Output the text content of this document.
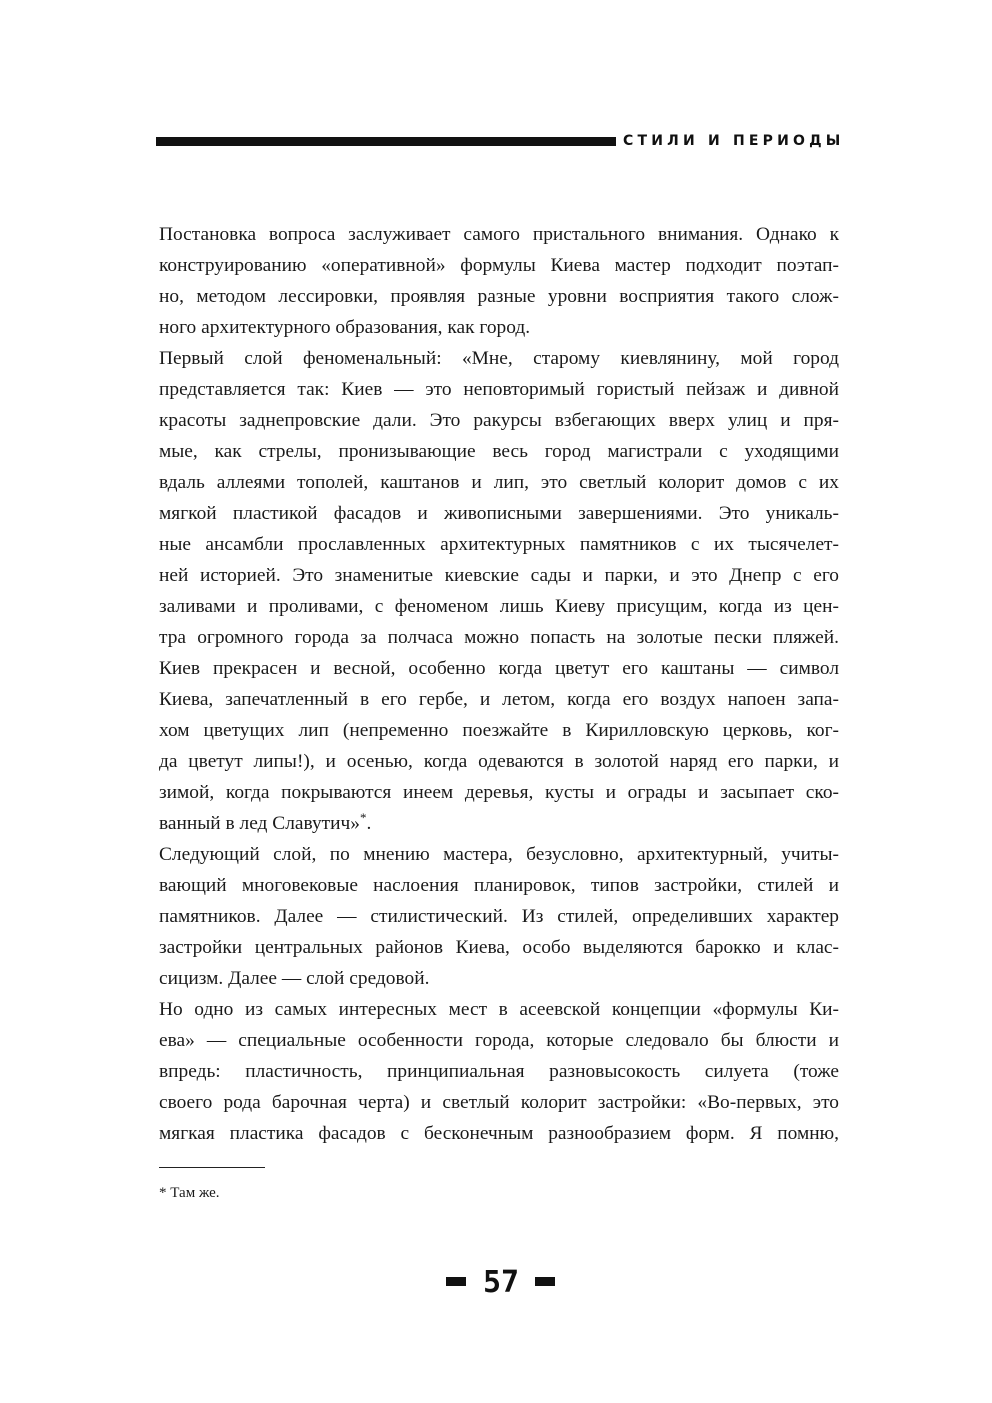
СТИЛИ И ПЕРИОДЫ
Постановка вопроса заслуживает самого пристального внимания. Однако к
конструированию «оперативной» формулы Киева мастер подходит поэтап-
но, методом лессировки, проявляя разные уровни восприятия такого слож-
ного архитектурного образования, как город.
Первый слой феноменальный: «Мне, старому киевлянину, мой город
представляется так: Киев — это неповторимый гористый пейзаж и дивной
красоты заднепровские дали. Это ракурсы взбегающих вверх улиц и пря-
мые, как стрелы, пронизывающие весь город магистрали с уходящими
вдаль аллеями тополей, каштанов и лип, это светлый колорит домов с их
мягкой пластикой фасадов и живописными завершениями. Это уникаль-
ные ансамбли прославленных архитектурных памятников с их тысячелет-
ней историей. Это знаменитые киевские сады и парки, и это Днепр с его
заливами и проливами, с феноменом лишь Киеву присущим, когда из цен-
тра огромного города за полчаса можно попасть на золотые пески пляжей.
Киев прекрасен и весной, особенно когда цветут его каштаны — символ
Киева, запечатленный в его гербе, и летом, когда его воздух напоен запа-
хом цветущих лип (непременно поезжайте в Кирилловскую церковь, ког-
да цветут липы!), и осенью, когда одеваются в золотой наряд его парки, и
зимой, когда покрываются инеем деревья, кусты и ограды и засыпает ско-
ванный в лед Славутич»*.
Следующий слой, по мнению мастера, безусловно, архитектурный, учиты-
вающий многовековые наслоения планировок, типов застройки, стилей и
памятников. Далее — стилистический. Из стилей, определивших характер
застройки центральных районов Киева, особо выделяются барокко и клас-
сицизм. Далее — слой средовой.
Но одно из самых интересных мест в асеевской концепции «формулы Ки-
ева» — специальные особенности города, которые следовало бы блюсти и
впредь: пластичность, принципиальная разновысокость силуета (тоже
своего рода барочная черта) и светлый колорит застройки: «Во-первых, это
мягкая пластика фасадов с бесконечным разнообразием форм. Я помню,
* Там же.
57
